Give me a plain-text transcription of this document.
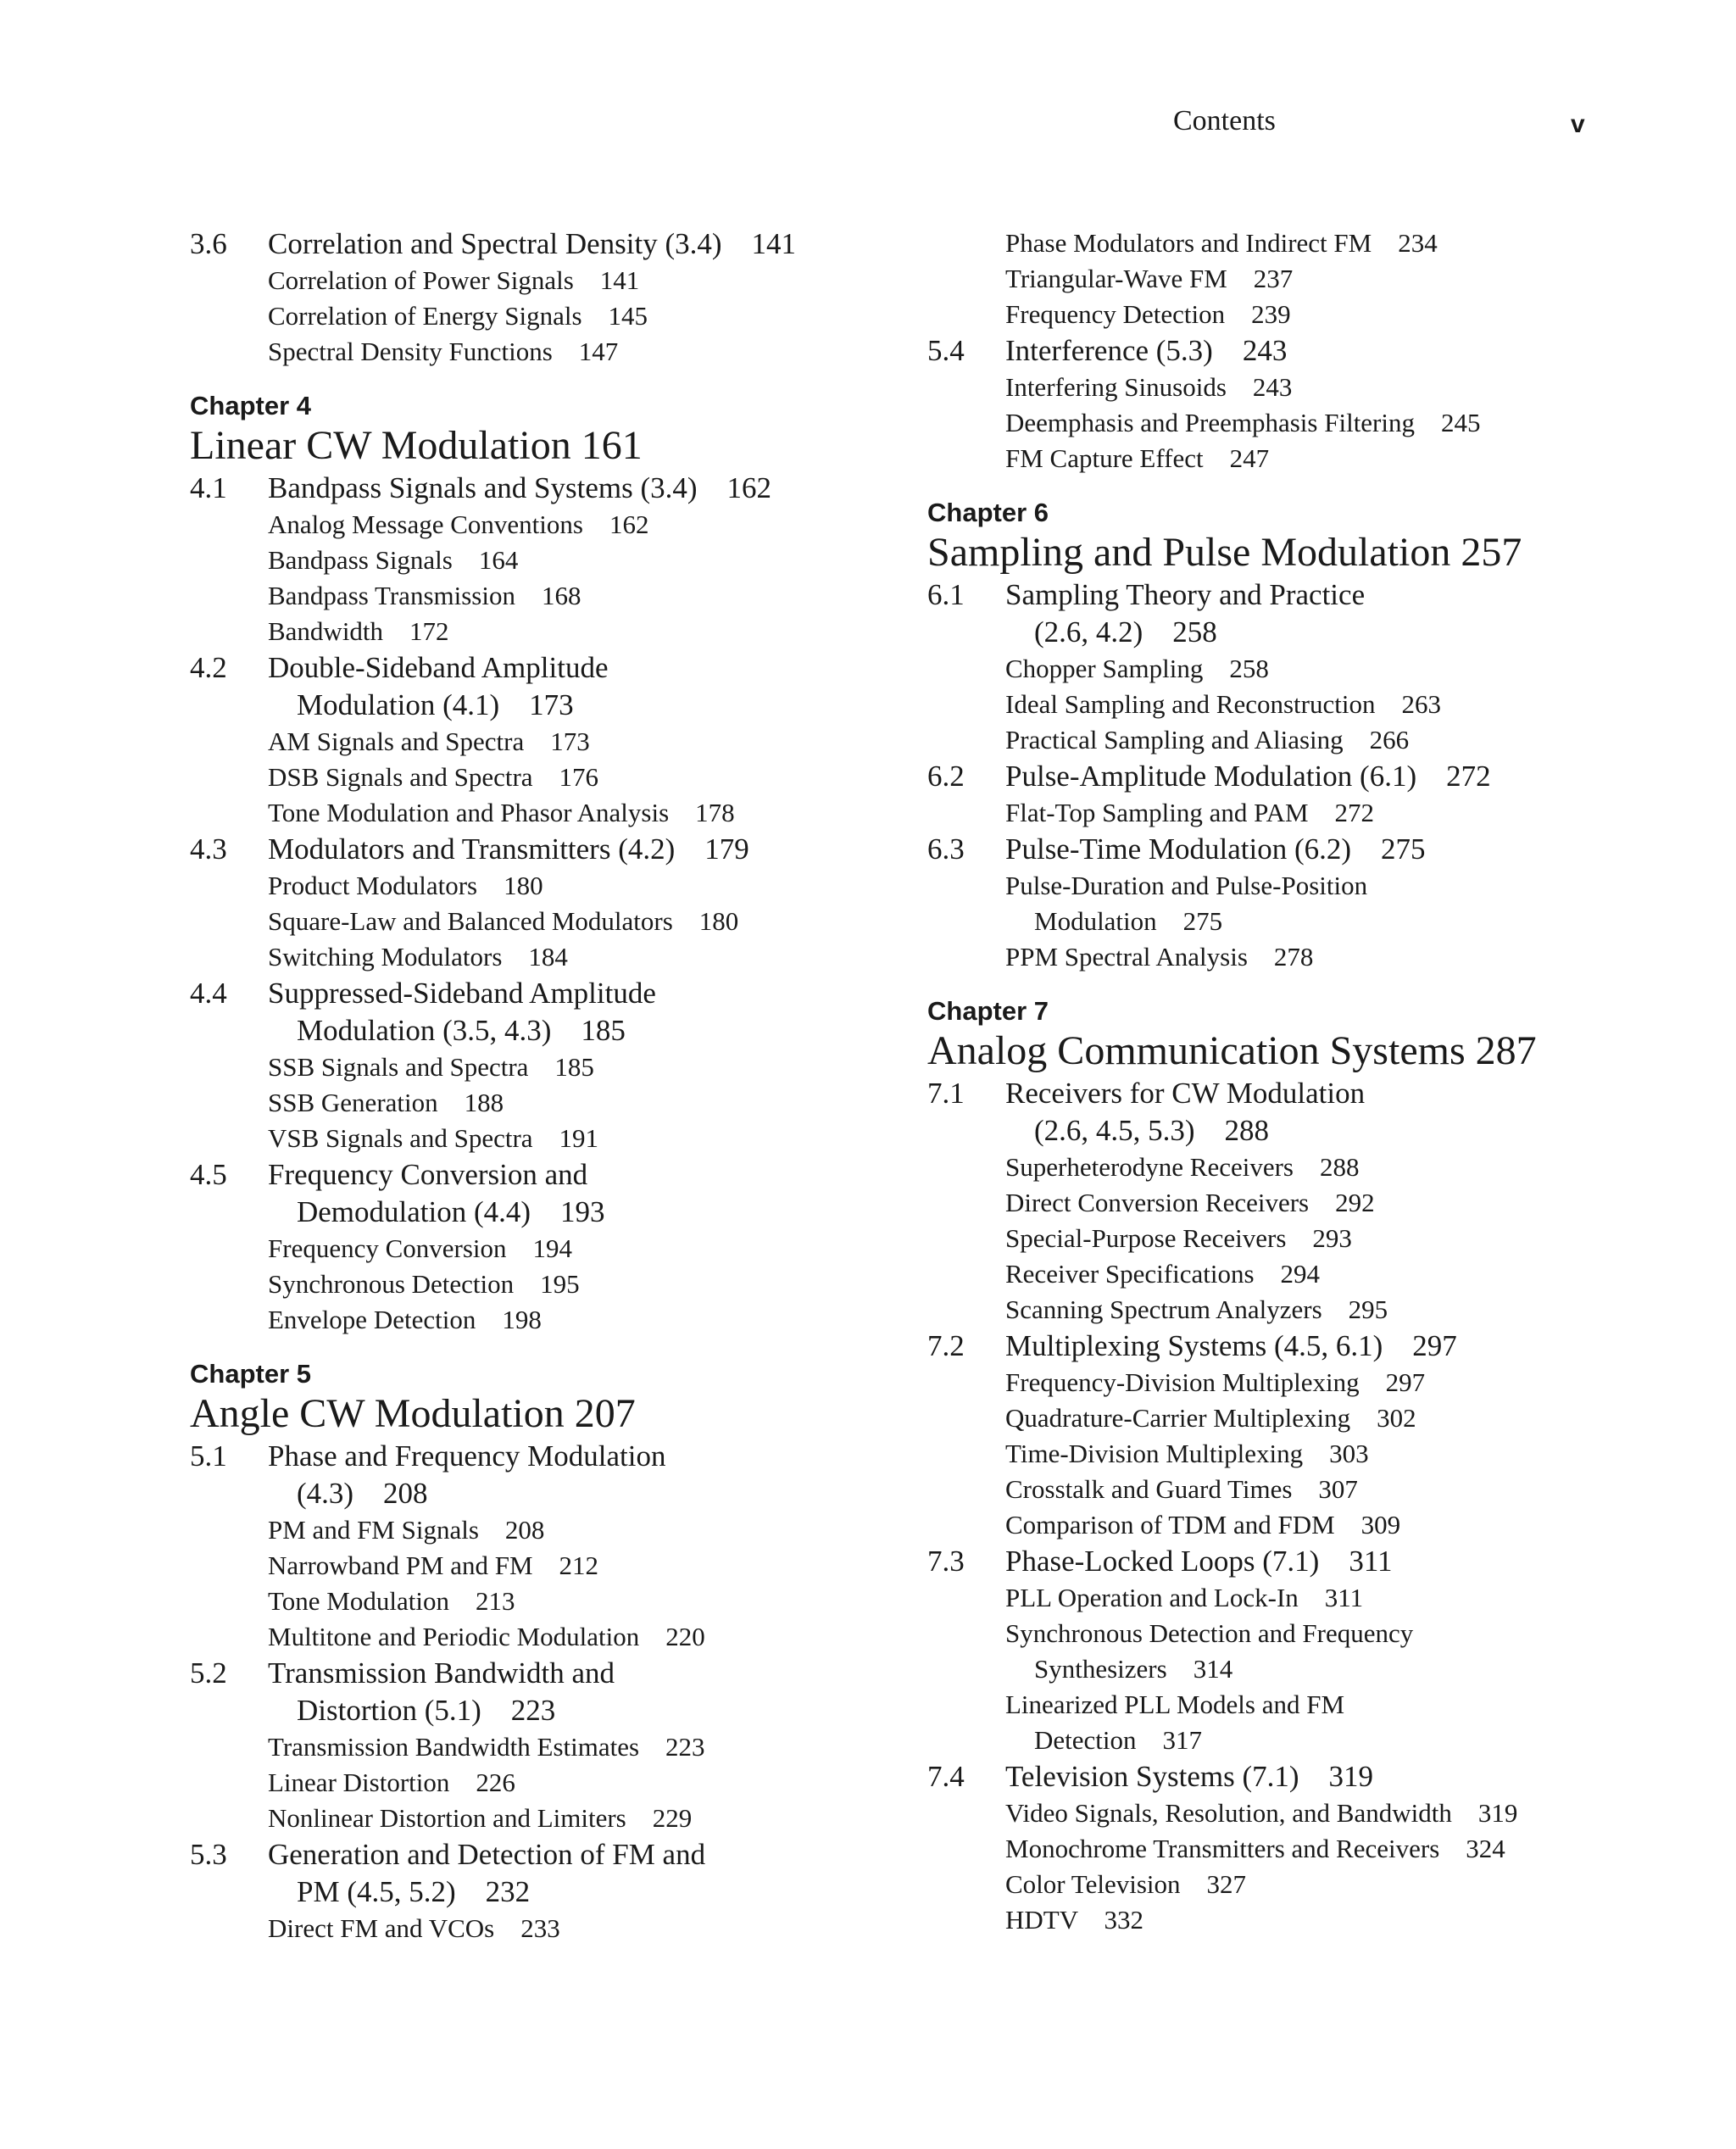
Contents	v
3.6 Correlation and Spectral Density (3.4)    141
Correlation of Power Signals    141
Correlation of Energy Signals    145
Spectral Density Functions    147
Chapter 4
Linear CW Modulation 161
4.1 Bandpass Signals and Systems (3.4)    162
Analog Message Conventions    162
Bandpass Signals    164
Bandpass Transmission    168
Bandwidth    172
4.2 Double-Sideband Amplitude
Modulation (4.1)    173
AM Signals and Spectra    173
DSB Signals and Spectra    176
Tone Modulation and Phasor Analysis    178
4.3 Modulators and Transmitters (4.2)    179
Product Modulators    180
Square-Law and Balanced Modulators    180
Switching Modulators    184
4.4 Suppressed-Sideband Amplitude
Modulation (3.5, 4.3)    185
SSB Signals and Spectra    185
SSB Generation    188
VSB Signals and Spectra    191
4.5 Frequency Conversion and
Demodulation (4.4)    193
Frequency Conversion    194
Synchronous Detection    195
Envelope Detection    198
Chapter 5
Angle CW Modulation 207
5.1 Phase and Frequency Modulation
(4.3)    208
PM and FM Signals    208
Narrowband PM and FM    212
Tone Modulation    213
Multitone and Periodic Modulation    220
5.2 Transmission Bandwidth and
Distortion (5.1)    223
Transmission Bandwidth Estimates    223
Linear Distortion    226
Nonlinear Distortion and Limiters    229
5.3 Generation and Detection of FM and
PM (4.5, 5.2)    232
Direct FM and VCOs    233
Phase Modulators and Indirect FM    234
Triangular-Wave FM    237
Frequency Detection    239
5.4 Interference (5.3)    243
Interfering Sinusoids    243
Deemphasis and Preemphasis Filtering    245
FM Capture Effect    247
Chapter 6
Sampling and Pulse Modulation 257
6.1 Sampling Theory and Practice
(2.6, 4.2)    258
Chopper Sampling    258
Ideal Sampling and Reconstruction    263
Practical Sampling and Aliasing    266
6.2 Pulse-Amplitude Modulation (6.1)    272
Flat-Top Sampling and PAM    272
6.3 Pulse-Time Modulation (6.2)    275
Pulse-Duration and Pulse-Position
Modulation    275
PPM Spectral Analysis    278
Chapter 7
Analog Communication Systems 287
7.1 Receivers for CW Modulation
(2.6, 4.5, 5.3)    288
Superheterodyne Receivers    288
Direct Conversion Receivers    292
Special-Purpose Receivers    293
Receiver Specifications    294
Scanning Spectrum Analyzers    295
7.2 Multiplexing Systems (4.5, 6.1)    297
Frequency-Division Multiplexing    297
Quadrature-Carrier Multiplexing    302
Time-Division Multiplexing    303
Crosstalk and Guard Times    307
Comparison of TDM and FDM    309
7.3 Phase-Locked Loops (7.1)    311
PLL Operation and Lock-In    311
Synchronous Detection and Frequency
Synthesizers    314
Linearized PLL Models and FM
Detection    317
7.4 Television Systems (7.1)    319
Video Signals, Resolution, and Bandwidth    319
Monochrome Transmitters and Receivers    324
Color Television    327
HDTV    332
